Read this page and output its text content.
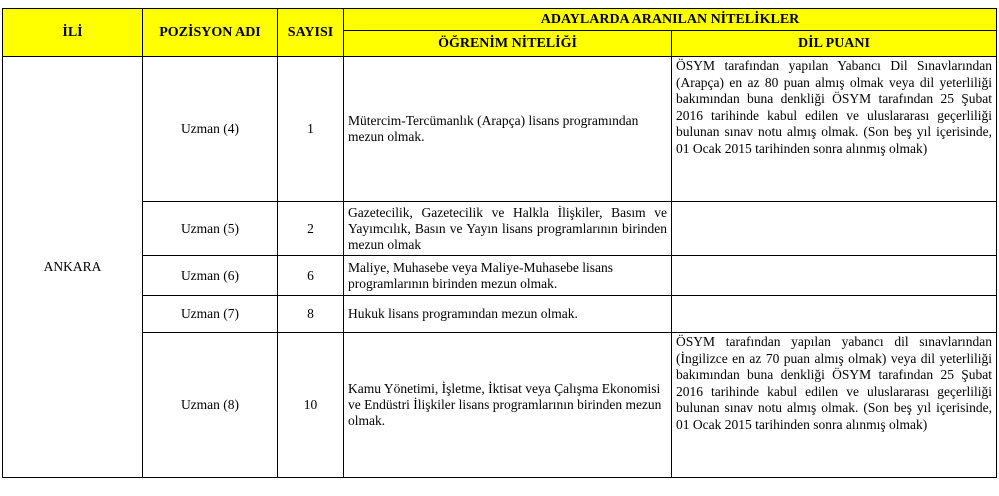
İLİ	POZİSYON ADI	SAYISI	ADAYLARDA ARANILAN NİTELİKLER	
			ÖĞRENİM NİTELİĞİ	DİL PUANI
ANKARA	Uzman (4)	1	Mütercim-Tercümanlık (Arapça) lisans programından mezun olmak.	ÖSYM tarafından yapılan Yabancı Dil Sınavlarından (Arapça) en az 80 puan almış olmak veya dil yeterliliği bakımından buna denkliği ÖSYM tarafından 25 Şubat 2016 tarihinde kabul edilen ve uluslararası geçerliliği bulunan sınav notu almış olmak. (Son beş yıl içerisinde, 01 Ocak 2015 tarihinden sonra alınmış olmak)
	Uzman (5)	2	Gazetecilik, Gazetecilik ve Halkla İlişkiler, Basım ve Yayımcılık, Basın ve Yayın lisans programlarının birinden mezun olmak	
	Uzman (6)	6	Maliye, Muhasebe veya Maliye-Muhasebe lisans programlarının birinden mezun olmak.	
	Uzman (7)	8	Hukuk lisans programından mezun olmak.	
	Uzman (8)	10	Kamu Yönetimi, İşletme, İktisat veya Çalışma Ekonomisi ve Endüstri İlişkiler lisans programlarının birinden mezun olmak.	ÖSYM tarafından yapılan yabancı dil sınavlarından (İngilizce en az 70 puan almış olmak) veya dil yeterliliği bakımından buna denkliği ÖSYM tarafından 25 Şubat 2016 tarihinde kabul edilen ve uluslararası geçerliliği bulunan sınav notu almış olmak. (Son beş yıl içerisinde, 01 Ocak 2015 tarihinden sonra alınmış olmak)
